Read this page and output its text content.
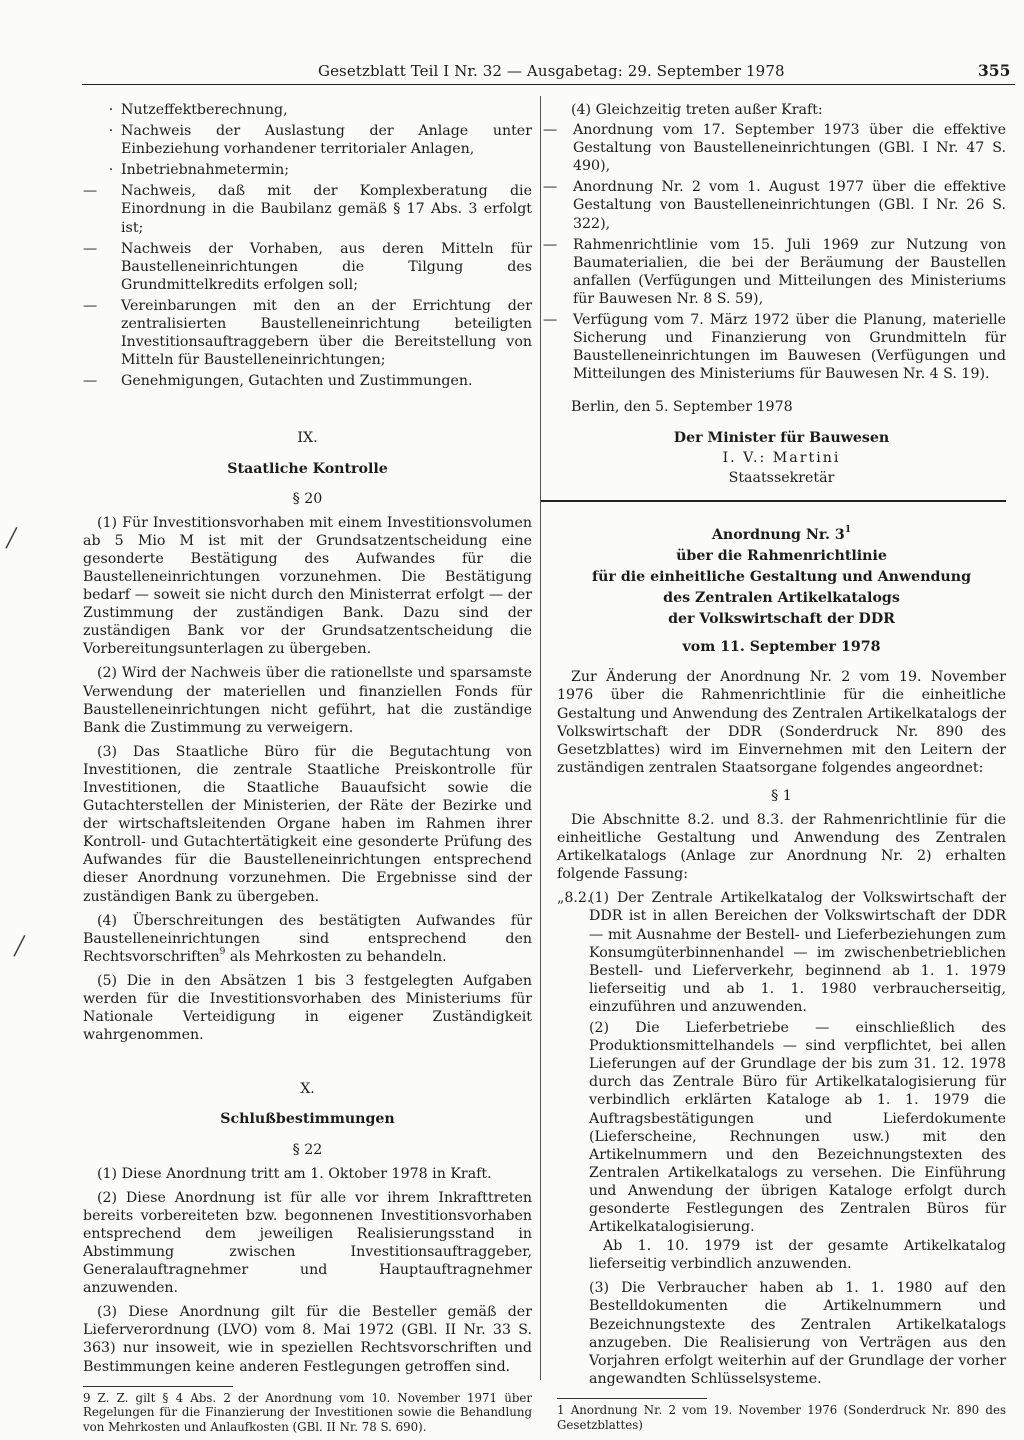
Gesetzblatt Teil I Nr. 32 — Ausgabetag: 29. September 1978	355
╱
╱
· Nutzeffektberechnung,
· Nachweis der Auslastung der Anlage unter Einbeziehung vorhandener territorialer Anlagen,
· Inbetriebnahmetermin;
—	Nachweis, daß mit der Komplexberatung die Einordnung in die Baubilanz gemäß § 17 Abs. 3 erfolgt ist;
—	Nachweis der Vorhaben, aus deren Mitteln für Baustelleneinrichtungen die Tilgung des Grundmittelkredits erfolgen soll;
—	Vereinbarungen mit den an der Errichtung der zentralisierten Baustelleneinrichtung beteiligten Investitionsauftraggebern über die Bereitstellung von Mitteln für Baustelleneinrichtungen;
—	Genehmigungen, Gutachten und Zustimmungen.

IX.

Staatliche Kontrolle

§ 20

(1) Für Investitionsvorhaben mit einem Investitionsvolumen ab 5 Mio M ist mit der Grundsatzentscheidung eine gesonderte Bestätigung des Aufwandes für die Baustelleneinrichtungen vorzunehmen. Die Bestätigung bedarf — soweit sie nicht durch den Ministerrat erfolgt — der Zustimmung der zuständigen Bank. Dazu sind der zuständigen Bank vor der Grundsatzentscheidung die Vorbereitungsunterlagen zu übergeben.

(2) Wird der Nachweis über die rationellste und sparsamste Verwendung der materiellen und finanziellen Fonds für Baustelleneinrichtungen nicht geführt, hat die zuständige Bank die Zustimmung zu verweigern.

(3) Das Staatliche Büro für die Begutachtung von Investitionen, die zentrale Staatliche Preiskontrolle für Investitionen, die Staatliche Bauaufsicht sowie die Gutachterstellen der Ministerien, der Räte der Bezirke und der wirtschaftsleitenden Organe haben im Rahmen ihrer Kontroll- und Gutachtertätigkeit eine gesonderte Prüfung des Aufwandes für die Baustelleneinrichtungen entsprechend dieser Anordnung vorzunehmen. Die Ergebnisse sind der zuständigen Bank zu übergeben.

(4) Überschreitungen des bestätigten Aufwandes für Baustelleneinrichtungen sind entsprechend den Rechtsvorschriften$^9$ als Mehrkosten zu behandeln.

(5) Die in den Absätzen 1 bis 3 festgelegten Aufgaben werden für die Investitionsvorhaben des Ministeriums für Nationale Verteidigung in eigener Zuständigkeit wahrgenommen.

X.

Schlußbestimmungen

§ 22

(1) Diese Anordnung tritt am 1. Oktober 1978 in Kraft.

(2) Diese Anordnung ist für alle vor ihrem Inkrafttreten bereits vorbereiteten bzw. begonnenen Investitionsvorhaben entsprechend dem jeweiligen Realisierungsstand in Abstimmung zwischen Investitionsauftraggeber, Generalauftragnehmer und Hauptauftragnehmer anzuwenden.

(3) Diese Anordnung gilt für die Besteller gemäß der Lieferverordnung (LVO) vom 8. Mai 1972 (GBl. II Nr. 33 S. 363) nur insoweit, wie in speziellen Rechtsvorschriften und Bestimmungen keine anderen Festlegungen getroffen sind.

9 Z. Z. gilt § 4 Abs. 2 der Anordnung vom 10. November 1971 über Regelungen für die Finanzierung der Investitionen sowie die Behandlung von Mehrkosten und Anlaufkosten (GBl. II Nr. 78 S. 690).

(4) Gleichzeitig treten außer Kraft:

—	Anordnung vom 17. September 1973 über die effektive Gestaltung von Baustelleneinrichtungen (GBl. I Nr. 47 S. 490),
—	Anordnung Nr. 2 vom 1. August 1977 über die effektive Gestaltung von Baustelleneinrichtungen (GBl. I Nr. 26 S. 322),
—	Rahmenrichtlinie vom 15. Juli 1969 zur Nutzung von Baumaterialien, die bei der Beräumung der Baustellen anfallen (Verfügungen und Mitteilungen des Ministeriums für Bauwesen Nr. 8 S. 59),
—	Verfügung vom 7. März 1972 über die Planung, materielle Sicherung und Finanzierung von Grundmitteln für Baustelleneinrichtungen im Bauwesen (Verfügungen und Mitteilungen des Ministeriums für Bauwesen Nr. 4 S. 19).

Berlin, den 5. September 1978

Der Minister für Bauwesen

I. V.: Martini

Staatssekretär

Anordnung Nr. $3^1$

über die Rahmenrichtlinie

für die einheitliche Gestaltung und Anwendung

des Zentralen Artikelkatalogs

der Volkswirtschaft der DDR

vom 11. September 1978

Zur Änderung der Anordnung Nr. 2 vom 19. November 1976 über die Rahmenrichtlinie für die einheitliche Gestaltung und Anwendung des Zentralen Artikelkatalogs der Volkswirtschaft der DDR (Sonderdruck Nr. 890 des Gesetzblattes) wird im Einvernehmen mit den Leitern der zuständigen zentralen Staatsorgane folgendes angeordnet:

§ 1

Die Abschnitte 8.2. und 8.3. der Rahmenrichtlinie für die einheitliche Gestaltung und Anwendung des Zentralen Artikelkatalogs (Anlage zur Anordnung Nr. 2) erhalten folgende Fassung:

„8.2.
(1) Der Zentrale Artikelkatalog der Volkswirtschaft der DDR ist in allen Bereichen der Volkswirtschaft der DDR — mit Ausnahme der Bestell- und Lieferbeziehungen zum Konsumgüterbinnenhandel — im zwischenbetrieblichen Bestell- und Lieferverkehr, beginnend ab 1. 1. 1979 lieferseitig und ab 1. 1. 1980 verbraucherseitig, einzuführen und anzuwenden.
(2) Die Lieferbetriebe — einschließlich des Produktionsmittelhandels — sind verpflichtet, bei allen Lieferungen auf der Grundlage der bis zum 31. 12. 1978 durch das Zentrale Büro für Artikelkatalogisierung für verbindlich erklärten Kataloge ab 1. 1. 1979 die Auftragsbestätigungen und Lieferdokumente (Lieferscheine, Rechnungen usw.) mit den Artikelnummern und den Bezeichnungstexten des Zentralen Artikelkatalogs zu versehen. Die Einführung und Anwendung der übrigen Kataloge erfolgt durch gesonderte Festlegungen des Zentralen Büros für Artikelkatalogisierung.

Ab 1. 10. 1979 ist der gesamte Artikelkatalog lieferseitig verbindlich anzuwenden.

(3) Die Verbraucher haben ab 1. 1. 1980 auf den Bestelldokumenten die Artikelnummern und Bezeichnungstexte des Zentralen Artikelkatalogs anzugeben. Die Realisierung von Verträgen aus den Vorjahren erfolgt weiterhin auf der Grundlage der vorher angewandten Schlüsselsysteme.

1 Anordnung Nr. 2 vom 19. November 1976 (Sonderdruck Nr. 890 des Gesetzblattes)
